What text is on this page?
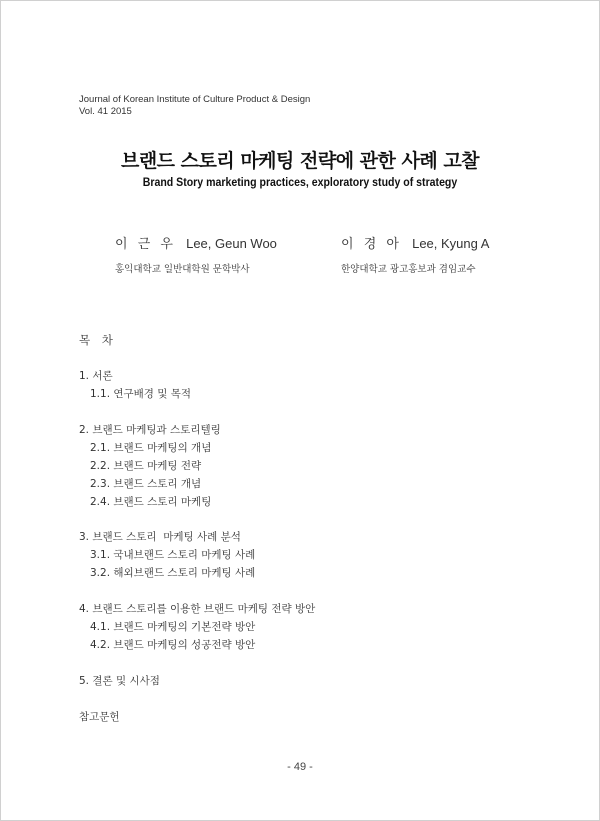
Journal of Korean Institute of Culture Product & Design
Vol. 41 2015
브랜드 스토리 마케팅 전략에 관한 사례 고찰
Brand Story marketing practices, exploratory study of strategy
이 근 우 Lee, Geun Woo	이 경 아 Lee, Kyung A
홍익대학교 일반대학원 문학박사	한양대학교 광고홍보과 겸임교수
목 차
1. 서론
1.1. 연구배경 및 목적
2. 브랜드 마케팅과 스토리텔링
2.1. 브랜드 마케팅의 개념
2.2. 브랜드 마케팅 전략
2.3. 브랜드 스토리 개념
2.4. 브랜드 스토리 마케팅
3. 브랜드 스토리  마케팅 사례 분석
3.1. 국내브랜드 스토리 마케팅 사례
3.2. 해외브랜드 스토리 마케팅 사례
4. 브랜드 스토리를 이용한 브랜드 마케팅 전략 방안
4.1. 브랜드 마케팅의 기본전략 방안
4.2. 브랜드 마케팅의 성공전략 방안
5. 결론 및 시사점
참고문헌
- 49 -
